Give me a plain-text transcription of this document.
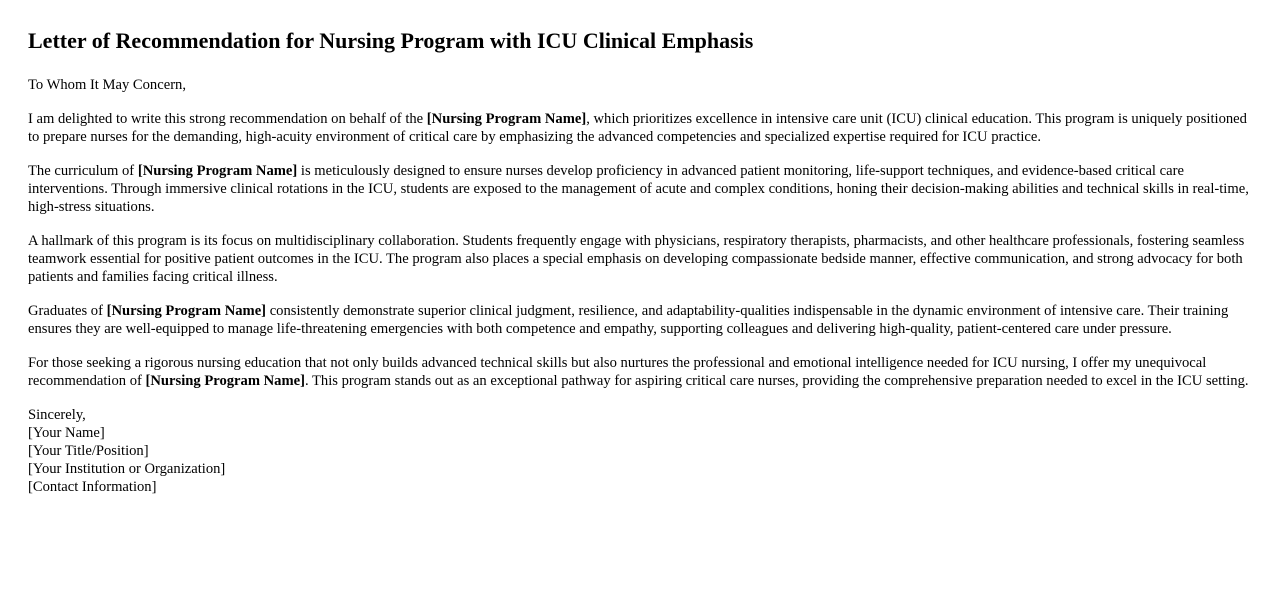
Letter of Recommendation for Nursing Program with ICU Clinical Emphasis

To Whom It May Concern,

I am delighted to write this strong recommendation on behalf of the [Nursing Program Name], which prioritizes excellence in intensive care unit (ICU) clinical education. This program is uniquely positioned to prepare nurses for the demanding, high-acuity environment of critical care by emphasizing the advanced competencies and specialized expertise required for ICU practice.

The curriculum of [Nursing Program Name] is meticulously designed to ensure nurses develop proficiency in advanced patient monitoring, life-support techniques, and evidence-based critical care interventions. Through immersive clinical rotations in the ICU, students are exposed to the management of acute and complex conditions, honing their decision-making abilities and technical skills in real-time, high-stress situations.

A hallmark of this program is its focus on multidisciplinary collaboration. Students frequently engage with physicians, respiratory therapists, pharmacists, and other healthcare professionals, fostering seamless teamwork essential for positive patient outcomes in the ICU. The program also places a special emphasis on developing compassionate bedside manner, effective communication, and strong advocacy for both patients and families facing critical illness.

Graduates of [Nursing Program Name] consistently demonstrate superior clinical judgment, resilience, and adaptability-qualities indispensable in the dynamic environment of intensive care. Their training ensures they are well-equipped to manage life-threatening emergencies with both competence and empathy, supporting colleagues and delivering high-quality, patient-centered care under pressure.

For those seeking a rigorous nursing education that not only builds advanced technical skills but also nurtures the professional and emotional intelligence needed for ICU nursing, I offer my unequivocal recommendation of [Nursing Program Name]. This program stands out as an exceptional pathway for aspiring critical care nurses, providing the comprehensive preparation needed to excel in the ICU setting.

Sincerely,
[Your Name]
[Your Title/Position]
[Your Institution or Organization]
[Contact Information]
